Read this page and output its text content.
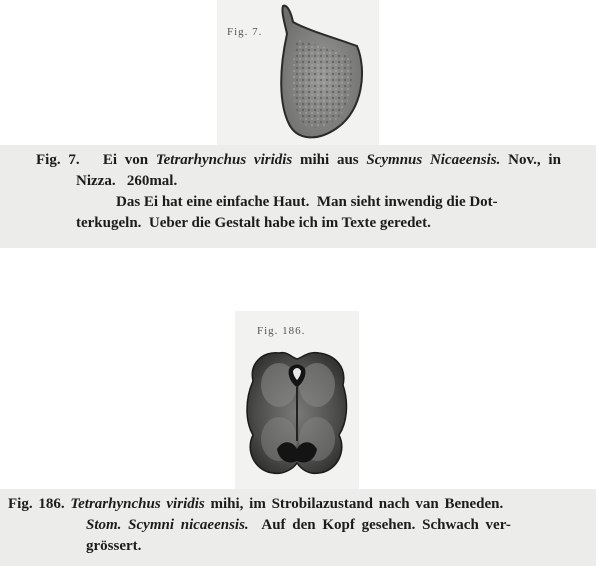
Fig. 7.
Fig. 7. Ei von Tetrarhynchus viridis mihi aus Scymnus Nicaeensis. Nov., in
Nizza.   260mal.
Das Ei hat eine einfache Haut.  Man sieht inwendig die Dot-
terkugeln.  Ueber die Gestalt habe ich im Texte geredet.
Fig. 186.
Fig. 186. Tetrarhynchus viridis mihi, im Strobilazustand nach van Beneden.
Stom. Scymni nicaeensis. Auf den Kopf gesehen. Schwach ver-
grössert.
